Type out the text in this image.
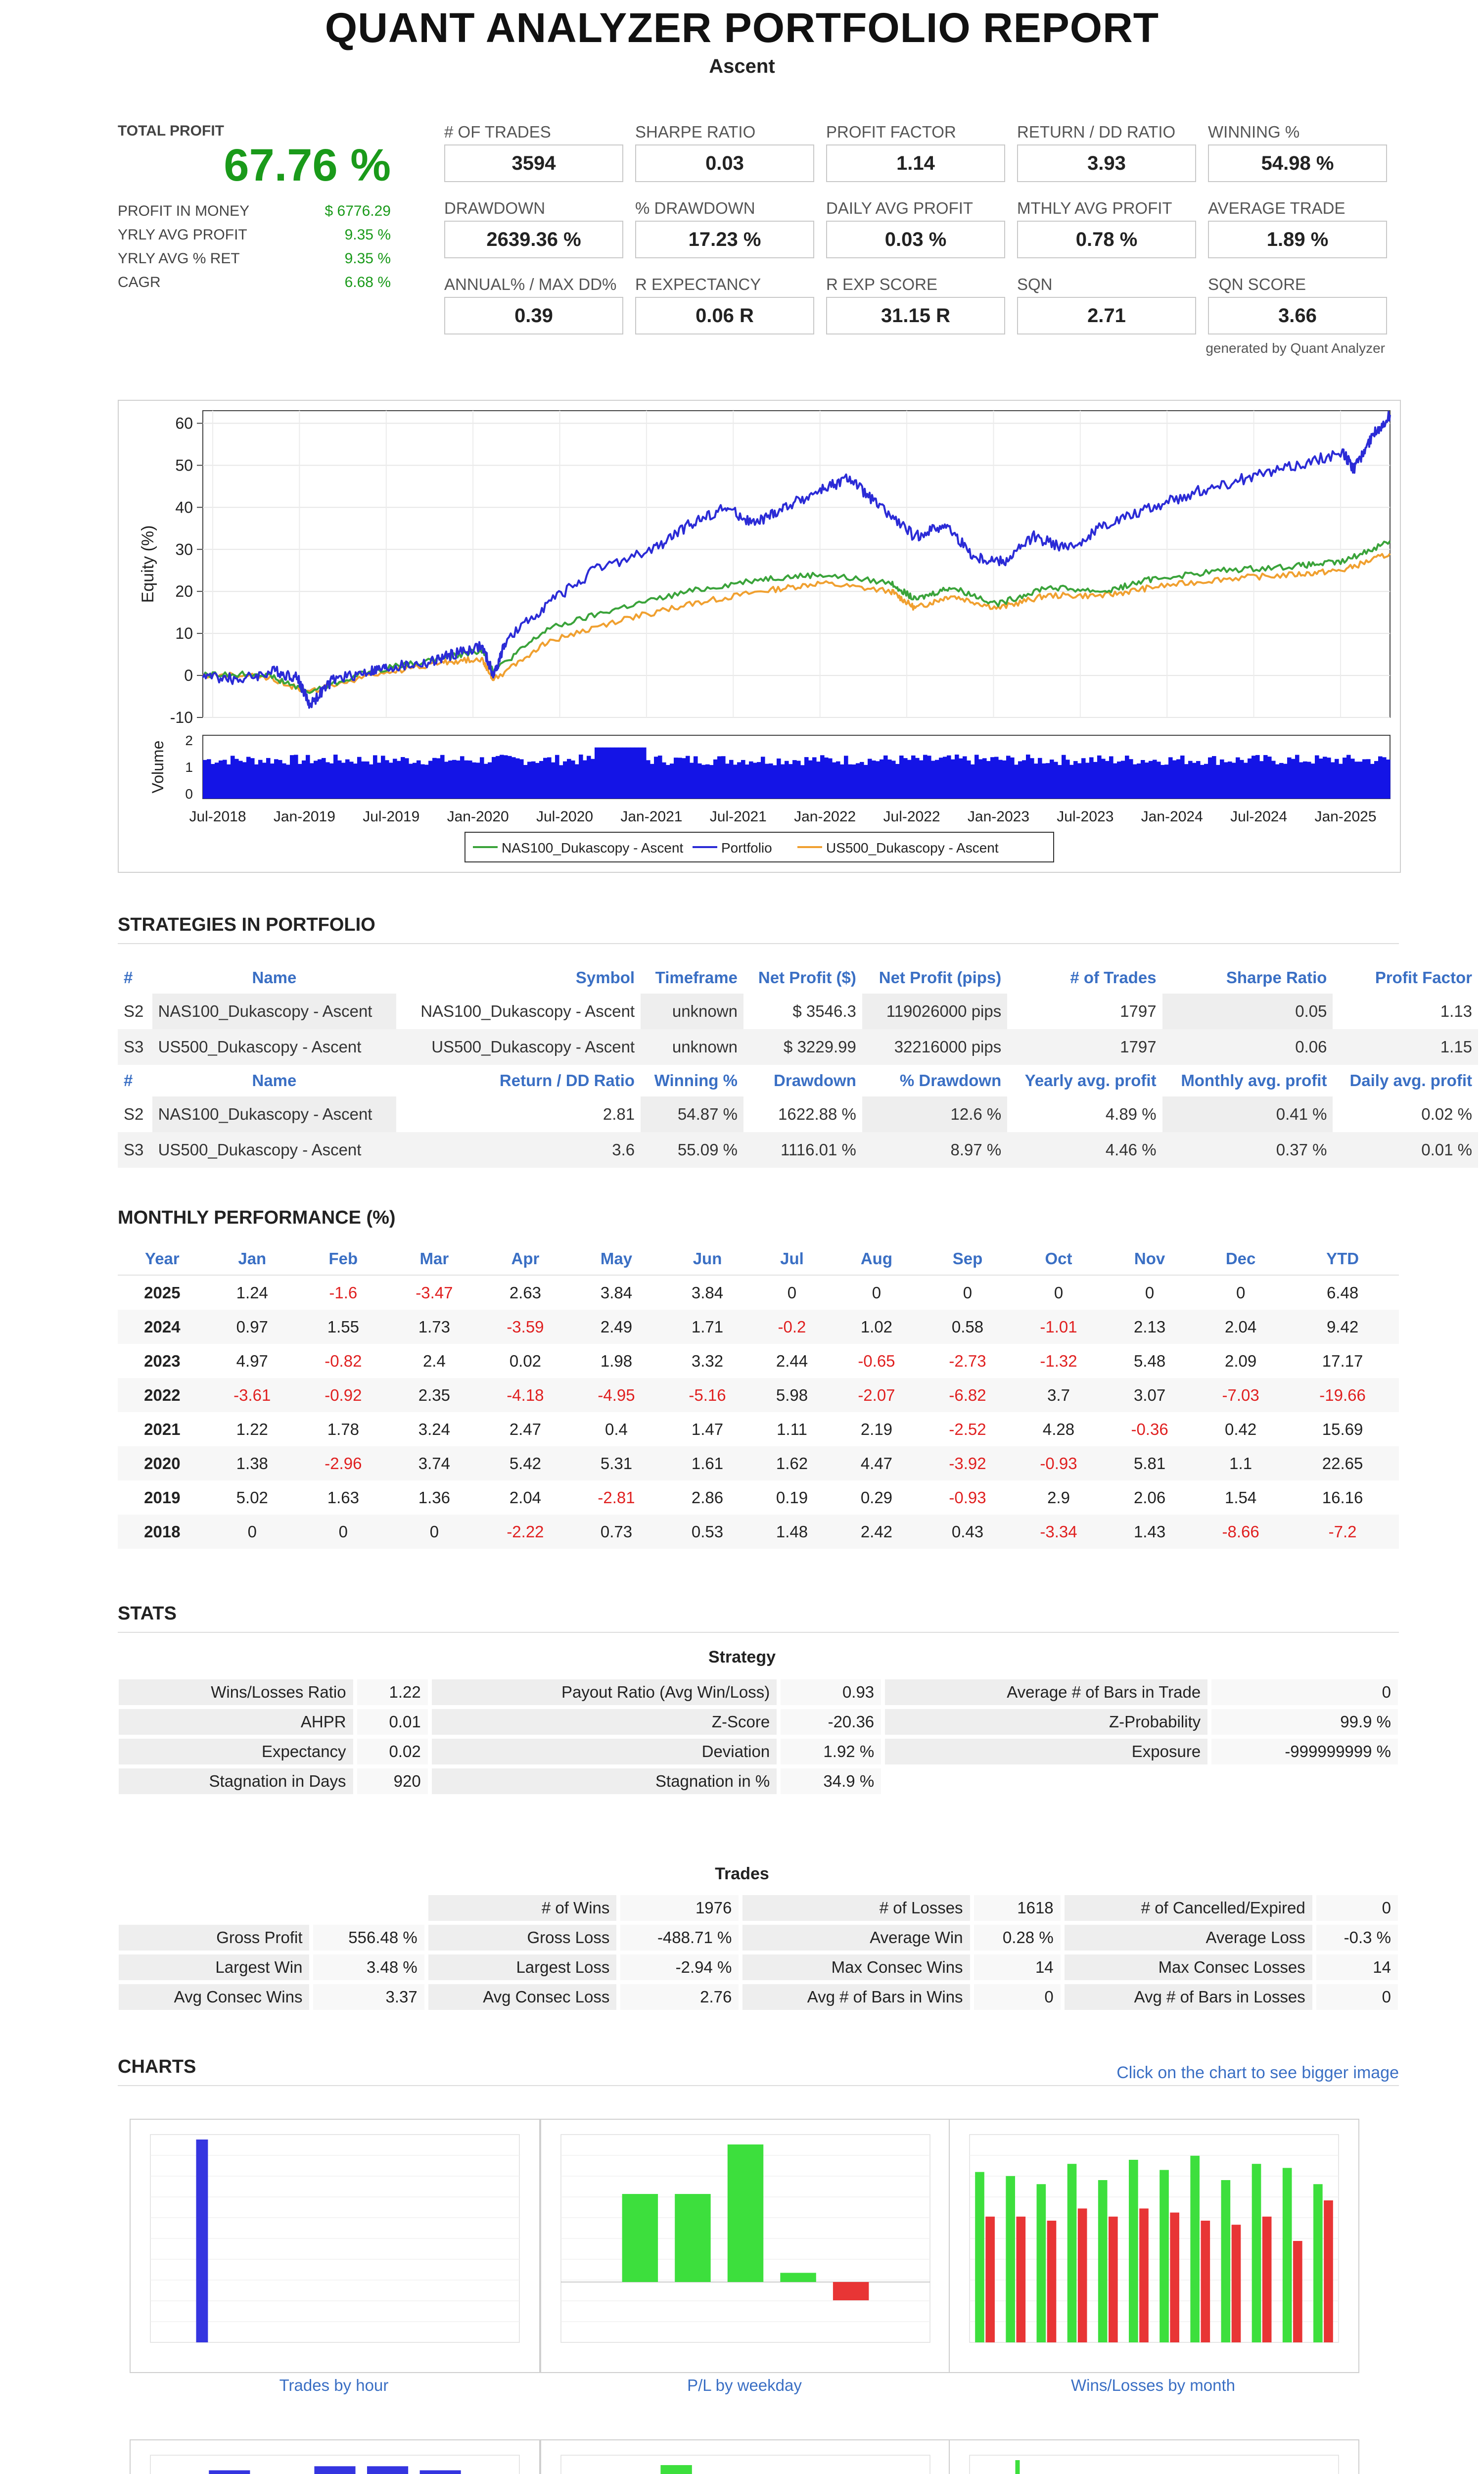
QUANT ANALYZER PORTFOLIO REPORT
Ascent
TOTAL PROFIT
67.76 %
PROFIT IN MONEY	$ 6776.29
YRLY AVG PROFIT	9.35 %
YRLY AVG % RET	9.35 %
CAGR	6.68 %
# OF TRADES
3594
SHARPE RATIO
0.03
PROFIT FACTOR
1.14
RETURN / DD RATIO
3.93
WINNING %
54.98 %
DRAWDOWN
2639.36 %
% DRAWDOWN
17.23 %
DAILY AVG PROFIT
0.03 %
MTHLY AVG PROFIT
0.78 %
AVERAGE TRADE
1.89 %
ANNUAL% / MAX DD%
0.39
R EXPECTANCY
0.06 R
R EXP SCORE
31.15 R
SQN
2.71
SQN SCORE
3.66
generated by Quant Analyzer
60
50
40
30
20
10
0
-10
Equity (%)
2
1
0
Volume
Jul-2018 Jan-2019 Jul-2019 Jan-2020 Jul-2020 Jan-2021 Jul-2021 Jan-2022 Jul-2022 Jan-2023 Jul-2023 Jan-2024 Jul-2024 Jan-2025
NAS100_Dukascopy - Ascent	Portfolio	US500_Dukascopy - Ascent
STRATEGIES IN PORTFOLIO
#	Name	Symbol	Timeframe	Net Profit ($)	Net Profit (pips)	# of Trades	Sharpe Ratio	Profit Factor
S2	NAS100_Dukascopy - Ascent	NAS100_Dukascopy - Ascent	unknown	$ 3546.3	119026000 pips	1797	0.05	1.13
S3	US500_Dukascopy - Ascent	US500_Dukascopy - Ascent	unknown	$ 3229.99	32216000 pips	1797	0.06	1.15
#	Name	Return / DD Ratio	Winning %	Drawdown	% Drawdown	Yearly avg. profit	Monthly avg. profit	Daily avg. profit
S2	NAS100_Dukascopy - Ascent	2.81	54.87 %	1622.88 %	12.6 %	4.89 %	0.41 %	0.02 %
S3	US500_Dukascopy - Ascent	3.6	55.09 %	1116.01 %	8.97 %	4.46 %	0.37 %	0.01 %
MONTHLY PERFORMANCE (%)
Year	Jan	Feb	Mar	Apr	May	Jun	Jul	Aug	Sep	Oct	Nov	Dec	YTD
2025	1.24	-1.6	-3.47	2.63	3.84	3.84	0	0	0	0	0	0	6.48
2024	0.97	1.55	1.73	-3.59	2.49	1.71	-0.2	1.02	0.58	-1.01	2.13	2.04	9.42
2023	4.97	-0.82	2.4	0.02	1.98	3.32	2.44	-0.65	-2.73	-1.32	5.48	2.09	17.17
2022	-3.61	-0.92	2.35	-4.18	-4.95	-5.16	5.98	-2.07	-6.82	3.7	3.07	-7.03	-19.66
2021	1.22	1.78	3.24	2.47	0.4	1.47	1.11	2.19	-2.52	4.28	-0.36	0.42	15.69
2020	1.38	-2.96	3.74	5.42	5.31	1.61	1.62	4.47	-3.92	-0.93	5.81	1.1	22.65
2019	5.02	1.63	1.36	2.04	-2.81	2.86	0.19	0.29	-0.93	2.9	2.06	1.54	16.16
2018	0	0	0	-2.22	0.73	0.53	1.48	2.42	0.43	-3.34	1.43	-8.66	-7.2
STATS
Strategy
Wins/Losses Ratio	1.22	Payout Ratio (Avg Win/Loss)	0.93	Average # of Bars in Trade	0
AHPR	0.01	Z-Score	-20.36	Z-Probability	99.9 %
Expectancy	0.02	Deviation	1.92 %	Exposure	-999999999 %
Stagnation in Days	920	Stagnation in %	34.9 %		
Trades
		# of Wins	1976	# of Losses	1618	# of Cancelled/Expired	0
Gross Profit	556.48 %	Gross Loss	-488.71 %	Average Win	0.28 %	Average Loss	-0.3 %
Largest Win	3.48 %	Largest Loss	-2.94 %	Max Consec Wins	14	Max Consec Losses	14
Avg Consec Wins	3.37	Avg Consec Loss	2.76	Avg # of Bars in Wins	0	Avg # of Bars in Losses	0
CHARTS	Click on the chart to see bigger image
Trades by hour	P/L by weekday	Wins/Losses by month
